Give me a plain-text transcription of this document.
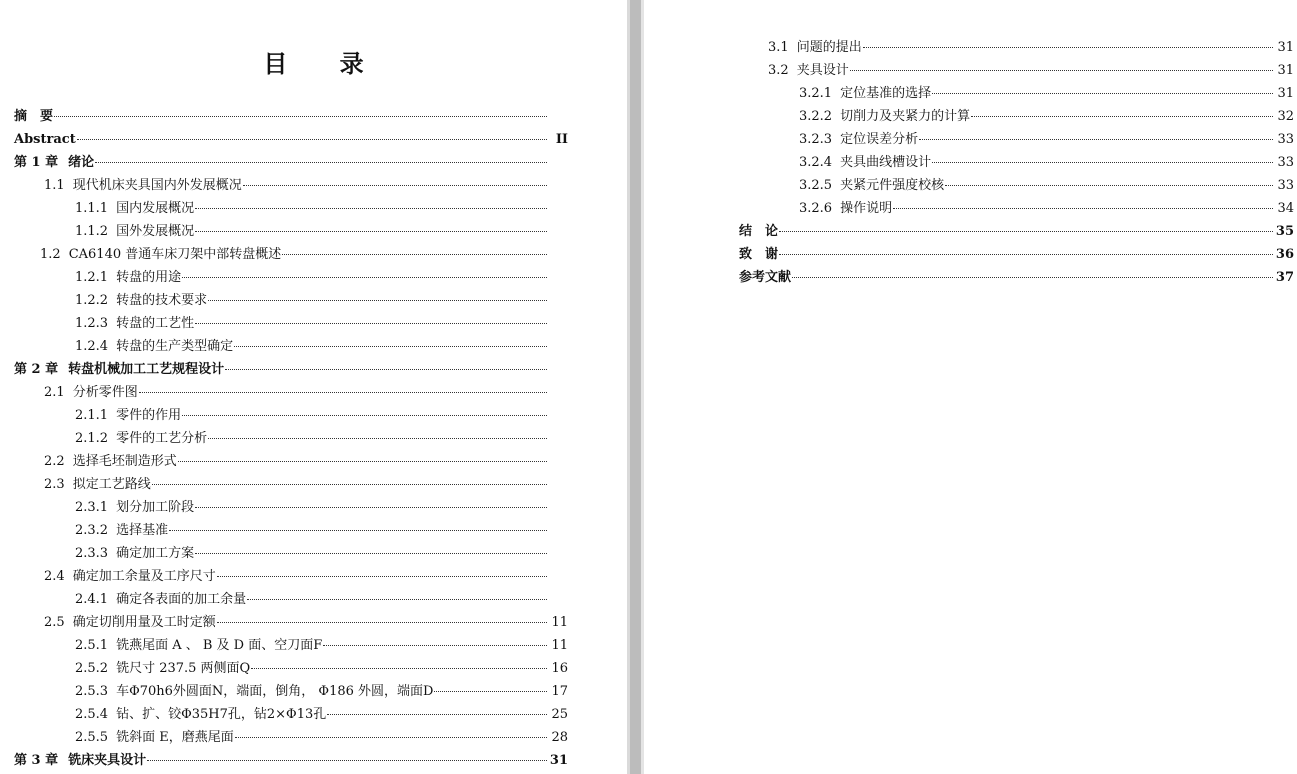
目 录
摘　要
Abstract	II
第 1 章 绪论
1.1 现代机床夹具国内外发展概况
1.1.1 国内发展概况
1.1.2 国外发展概况
1.2 CA6140 普通车床刀架中部转盘概述
1.2.1 转盘的用途
1.2.2 转盘的技术要求
1.2.3 转盘的工艺性
1.2.4 转盘的生产类型确定
第 2 章 转盘机械加工工艺规程设计
2.1 分析零件图
2.1.1 零件的作用
2.1.2 零件的工艺分析
2.2 选择毛坯制造形式
2.3 拟定工艺路线
2.3.1 划分加工阶段
2.3.2 选择基准
2.3.3 确定加工方案
2.4 确定加工余量及工序尺寸
2.4.1 确定各表面的加工余量
2.5 确定切削用量及工时定额	11
2.5.1 铣燕尾面 A 、 B 及 D 面、空刀面F	11
2.5.2 铣尺寸 237.5 两侧面Q	16
2.5.3 车Φ70h6外圆面N，端面，倒角， Φ186 外圆，端面D	17
2.5.4 钻、扩、铰Φ35H7孔，钻2×Φ13孔	25
2.5.5 铣斜面 E，磨燕尾面	28
第 3 章 铣床夹具设计	31
3.1 问题的提出	31
3.2 夹具设计	31
3.2.1 定位基准的选择	31
3.2.2 切削力及夹紧力的计算	32
3.2.3 定位误差分析	33
3.2.4 夹具曲线槽设计	33
3.2.5 夹紧元件强度校核	33
3.2.6 操作说明	34
结　论	35
致　谢	36
参考文献	37
